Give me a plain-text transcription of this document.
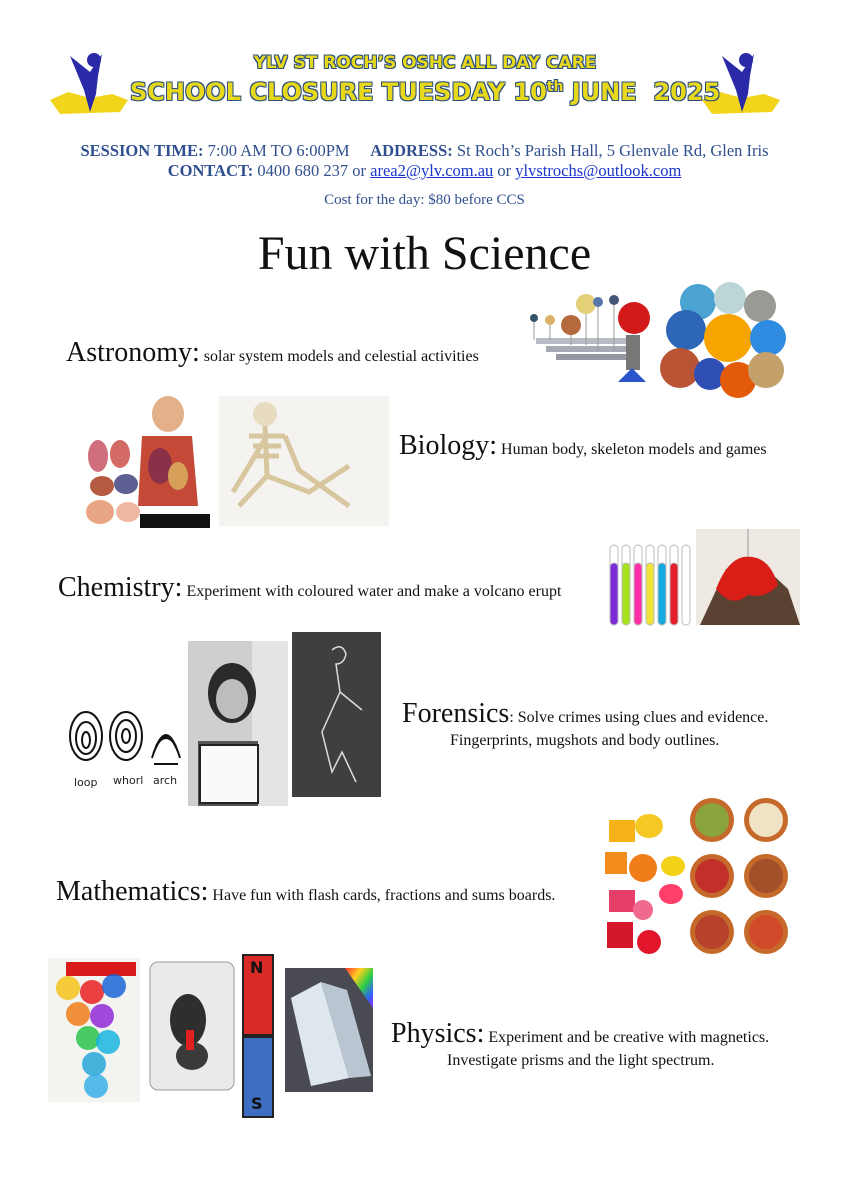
YLV ST ROCH’S OSHC ALL DAY CARE
SCHOOL CLOSURE TUESDAY 10th JUNE  2025
SESSION TIME: 7:00 AM TO 6:00PM ADDRESS: St Roch’s Parish Hall, 5 Glenvale Rd, Glen Iris
CONTACT: 0400 680 237 or area2@ylv.com.au or ylvstrochs@outlook.com
Cost for the day: $80 before CCS
Fun with Science
Astronomy: solar system models and celestial activities
Biology: Human body, skeleton models and games
Chemistry: Experiment with coloured water and make a volcano erupt
loop whorl arch
Forensics: Solve crimes using clues and evidence.
Fingerprints, mugshots and body outlines.
Mathematics: Have fun with flash cards, fractions and sums boards.
N
S
Physics: Experiment and be creative with magnetics.
Investigate prisms and the light spectrum.
